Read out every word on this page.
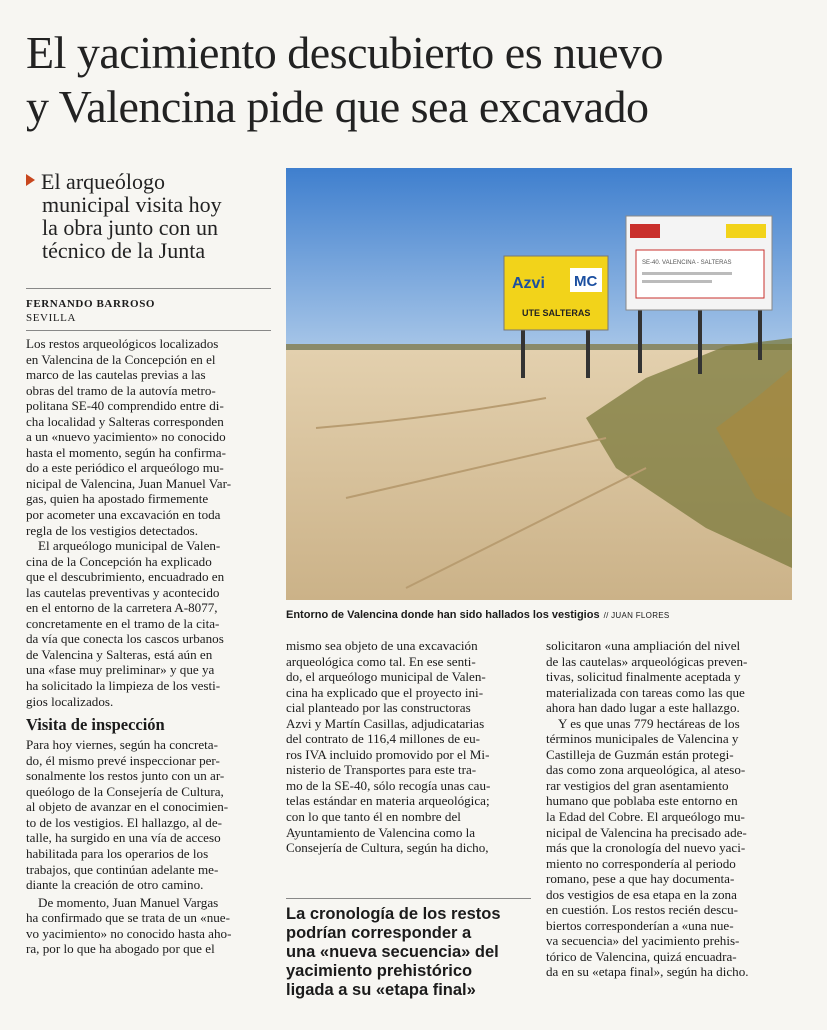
El yacimiento descubierto es nuevo
y Valencina pide que sea excavado
El arqueólogo
municipal visita hoy
la obra junto con un
técnico de la Junta
FERNANDO BARROSO
SEVILLA

Los restos arqueológicos localizados
en Valencina de la Concepción en el
marco de las cautelas previas a las
obras del tramo de la autovía metro-
politana SE-40 comprendido entre di-
cha localidad y Salteras corresponden
a un «nuevo yacimiento» no conocido
hasta el momento, según ha confirma-
do a este periódico el arqueólogo mu-
nicipal de Valencina, Juan Manuel Var-
gas, quien ha apostado firmemente
por acometer una excavación en toda
regla de los vestigios detectados.

El arqueólogo municipal de Valen-
cina de la Concepción ha explicado
que el descubrimiento, encuadrado en
las cautelas preventivas y acontecido
en el entorno de la carretera A-8077,
concretamente en el tramo de la cita-
da vía que conecta los cascos urbanos
de Valencina y Salteras, está aún en
una «fase muy preliminar» y que ya
ha solicitado la limpieza de los vesti-
gios localizados.

Visita de inspección

Para hoy viernes, según ha concreta-
do, él mismo prevé inspeccionar per-
sonalmente los restos junto con un ar-
queólogo de la Consejería de Cultura,
al objeto de avanzar en el conocimien-
to de los vestigios. El hallazgo, al de-
talle, ha surgido en una vía de acceso
habilitada para los operarios de los
trabajos, que continúan adelante me-
diante la creación de otro camino.

De momento, Juan Manuel Vargas
ha confirmado que se trata de un «nue-
vo yacimiento» no conocido hasta aho-
ra, por lo que ha abogado por que el

Azvi MC
UTE SALTERAS
SE-40. VALENCINA - SALTERAS
Entorno de Valencina donde han sido hallados los vestigios // JUAN FLORES

mismo sea objeto de una excavación
arqueológica como tal. En ese senti-
do, el arqueólogo municipal de Valen-
cina ha explicado que el proyecto ini-
cial planteado por las constructoras
Azvi y Martín Casillas, adjudicatarias
del contrato de 116,4 millones de eu-
ros IVA incluido promovido por el Mi-
nisterio de Transportes para este tra-
mo de la SE-40, sólo recogía unas cau-
telas estándar en materia arqueológica;
con lo que tanto él en nombre del
Ayuntamiento de Valencina como la
Consejería de Cultura, según ha dicho,

La cronología de los restos
podrían corresponder a
una «nueva secuencia» del
yacimiento prehistórico
ligada a su «etapa final»

solicitaron «una ampliación del nivel
de las cautelas» arqueológicas preven-
tivas, solicitud finalmente aceptada y
materializada con tareas como las que
ahora han dado lugar a este hallazgo.

Y es que unas 779 hectáreas de los
términos municipales de Valencina y
Castilleja de Guzmán están protegi-
das como zona arqueológica, al ateso-
rar vestigios del gran asentamiento
humano que poblaba este entorno en
la Edad del Cobre. El arqueólogo mu-
nicipal de Valencina ha precisado ade-
más que la cronología del nuevo yaci-
miento no correspondería al periodo
romano, pese a que hay documenta-
dos vestigios de esa etapa en la zona
en cuestión. Los restos recién descu-
biertos corresponderían a «una nue-
va secuencia» del yacimiento prehis-
tórico de Valencina, quizá encuadra-
da en su «etapa final», según ha dicho.
